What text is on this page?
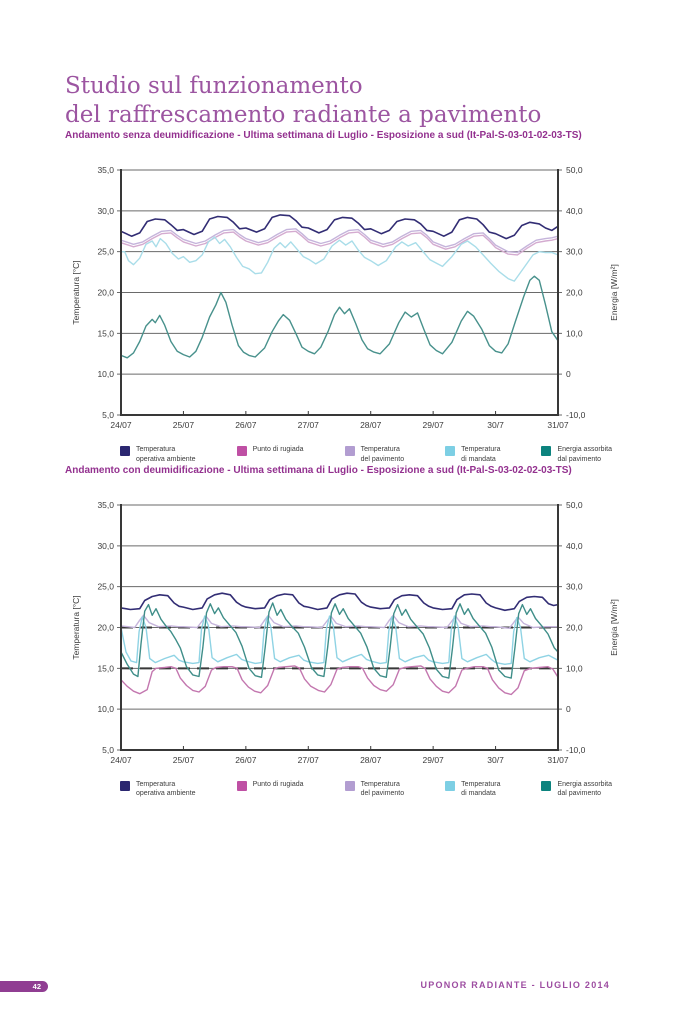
Studio sul funzionamento
del raffrescamento radiante a pavimento
Andamento senza deumidificazione - Ultima settimana di Luglio - Esposizione a sud (It-Pal-S-03-01-02-03-TS)
35,0	50,0
30,0	40,0
25,0	30,0
20,0	20,0
15,0	10,0
10,0	0
5,0	-10,0
24/07	25/07	26/07	27/07	28/07	29/07	30/7	31/07
Temperatura [°C]	Energia [W/m²]
Temperatura
operativa ambiente
Punto di rugiada	Temperatura
del pavimento
Temperatura
di mandata
Energia assorbita
dal pavimento
Andamento con deumidificazione - Ultima settimana di Luglio - Esposizione a sud (It-Pal-S-03-02-02-03-TS)
35,0	50,0
30,0	40,0
25,0	30,0
20,0	20,0
15,0	10,0
10,0	0
5,0	-10,0
24/07	25/07	26/07	27/07	28/07	29/07	30/7	31/07
Temperatura [°C]	Energia [W/m²]
Temperatura
operativa ambiente
Punto di rugiada	Temperatura
del pavimento
Temperatura
di mandata
Energia assorbita
dal pavimento
42	UPONOR RADIANTE - LUGLIO 2014
